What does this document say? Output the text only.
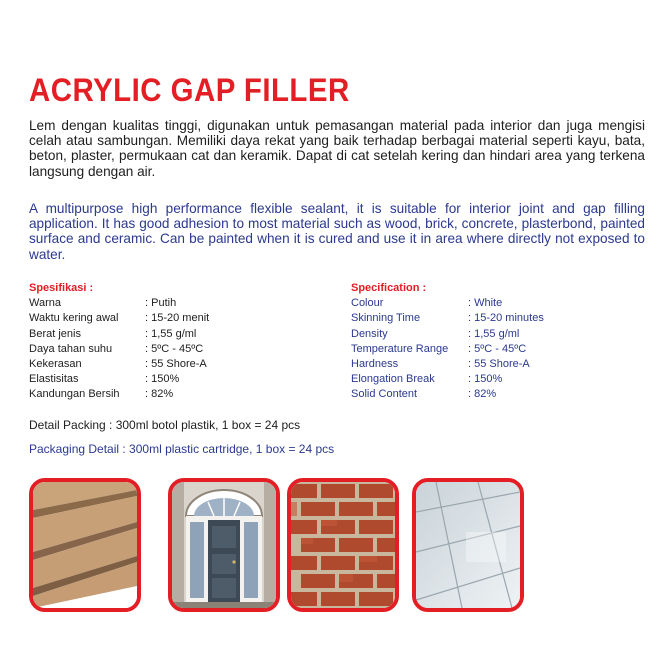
ACRYLIC GAP FILLER
Lem dengan kualitas tinggi, digunakan untuk pemasangan material pada interior dan juga mengisi celah atau sambungan. Memiliki daya rekat yang baik terhadap berbagai material seperti kayu, bata, beton, plaster, permukaan cat dan keramik. Dapat di cat setelah kering dan hindari area yang terkena langsung dengan air.
A multipurpose high performance flexible sealant, it is suitable for interior joint and gap filling application. It has good adhesion to most material such as wood, brick, concrete, plasterbond, painted surface and ceramic. Can be painted when it is cured and use it in area where directly not exposed to water.
Spesifikasi :
Warna	: Putih
Waktu kering awal	: 15-20 menit
Berat jenis	: 1,55 g/ml
Daya tahan suhu	: 5ºC - 45ºC
Kekerasan	: 55 Shore-A
Elastisitas	: 150%
Kandungan Bersih	: 82%
Specification :
Colour	: White
Skinning Time	: 15-20 minutes
Density	: 1,55 g/ml
Temperature Range	: 5ºC - 45ºC
Hardness	: 55 Shore-A
Elongation Break	: 150%
Solid Content	: 82%
Detail Packing : 300ml botol plastik, 1 box = 24 pcs
Packaging Detail : 300ml plastic cartridge, 1 box = 24 pcs
